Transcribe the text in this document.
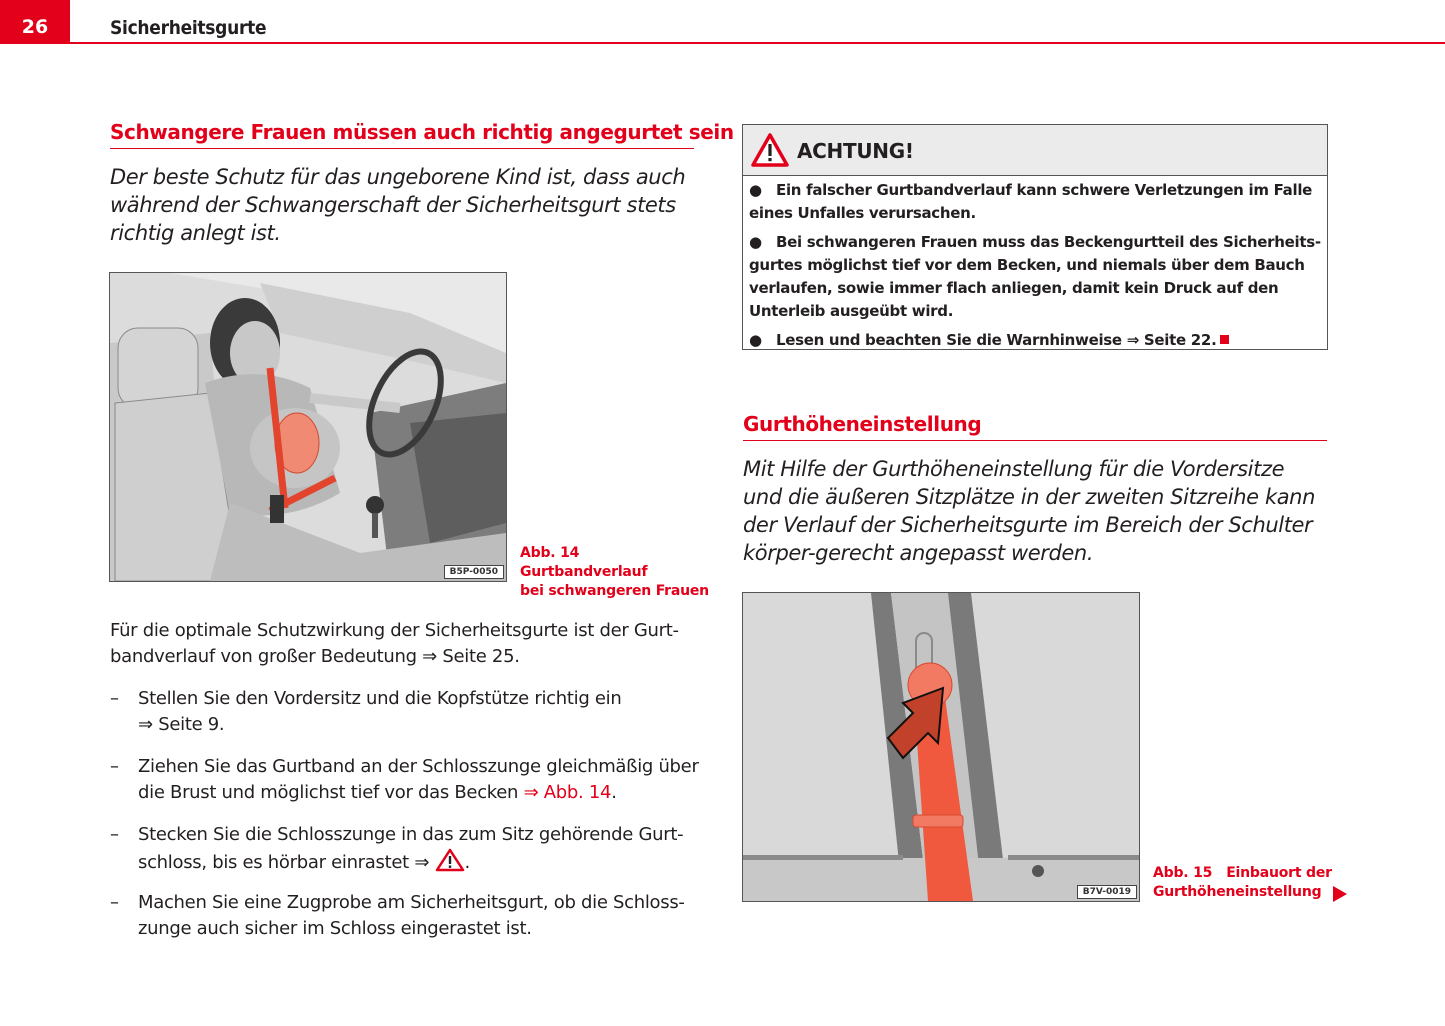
26	Sicherheitsgurte
Schwangere Frauen müssen auch richtig angegurtet sein
Der beste Schutz für das ungeborene Kind ist, dass auch während der Schwangerschaft der Sicherheitsgurt stets richtig anlegt ist.
B5P-0050
Abb. 14   Gurtbandverlauf
bei schwangeren Frauen
Für die optimale Schutzwirkung der Sicherheitsgurte ist der Gurt-bandverlauf von großer Bedeutung ⇒ Seite 25.
– Stellen Sie den Vordersitz und die Kopfstütze richtig ein ⇒ Seite 9.
– Ziehen Sie das Gurtband an der Schlosszunge gleichmäßig über die Brust und möglichst tief vor das Becken ⇒ Abb. 14.
– Stecken Sie die Schlosszunge in das zum Sitz gehörende Gurt-schloss, bis es hörbar einrastet ⇒ .
– Machen Sie eine Zugprobe am Sicherheitsgurt, ob die Schloss-zunge auch sicher im Schloss eingerastet ist.
ACHTUNG!
● Ein falscher Gurtbandverlauf kann schwere Verletzungen im Falle eines Unfalles verursachen.
● Bei schwangeren Frauen muss das Beckengurtteil des Sicherheits-gurtes möglichst tief vor dem Becken, und niemals über dem Bauch verlaufen, sowie immer flach anliegen, damit kein Druck auf den Unterleib ausgeübt wird.
● Lesen und beachten Sie die Warnhinweise ⇒ Seite 22.
Gurthöheneinstellung
Mit Hilfe der Gurthöheneinstellung für die Vordersitze und die äußeren Sitzplätze in der zweiten Sitzreihe kann der Verlauf der Sicherheitsgurte im Bereich der Schulter körper-gerecht angepasst werden.
B7V-0019
Abb. 15 Einbauort der
Gurthöheneinstellung
